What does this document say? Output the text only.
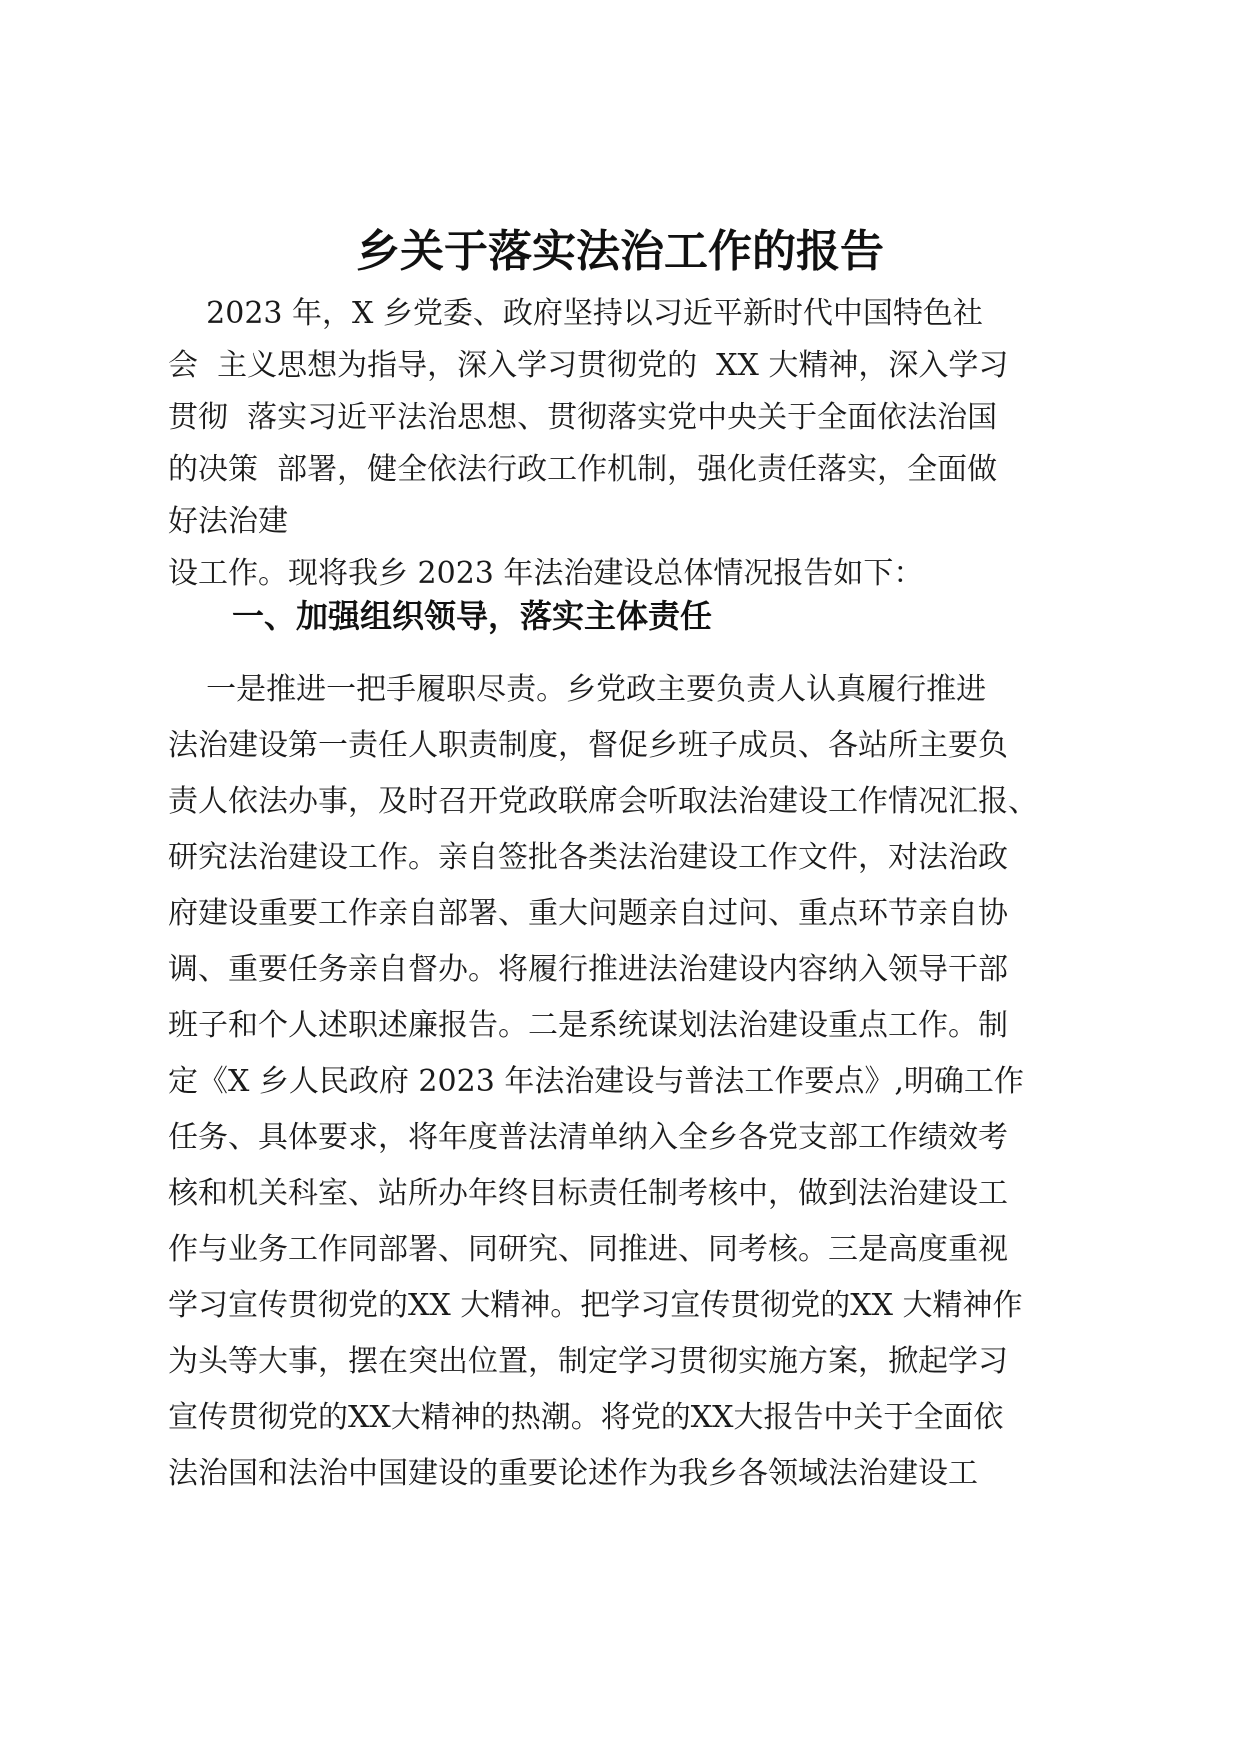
乡关于落实法治工作的报告

2023 年，X 乡党委、政府坚持以习近平新时代中国特色社

会  主义思想为指导，深入学习贯彻党的  XX 大精神，深入学习

贯彻  落实习近平法治思想、贯彻落实党中央关于全面依法治国

的决策  部署，健全依法行政工作机制，强化责任落实，全面做

好法治建

设工作。现将我乡 2023 年法治建设总体情况报告如下：

一、加强组织领导，落实主体责任

一是推进一把手履职尽责。乡党政主要负责人认真履行推进

法治建设第一责任人职责制度，督促乡班子成员、各站所主要负

责人依法办事，及时召开党政联席会听取法治建设工作情况汇报、

研究法治建设工作。亲自签批各类法治建设工作文件，对法治政

府建设重要工作亲自部署、重大问题亲自过问、重点环节亲自协

调、重要任务亲自督办。将履行推进法治建设内容纳入领导干部

班子和个人述职述廉报告。二是系统谋划法治建设重点工作。制

定《X 乡人民政府 2023 年法治建设与普法工作要点》,明确工作

任务、具体要求，将年度普法清单纳入全乡各党支部工作绩效考

核和机关科室、站所办年终目标责任制考核中，做到法治建设工

作与业务工作同部署、同研究、同推进、同考核。三是高度重视

学习宣传贯彻党的XX 大精神。把学习宣传贯彻党的XX 大精神作

为头等大事，摆在突出位置，制定学习贯彻实施方案，掀起学习

宣传贯彻党的XX大精神的热潮。将党的XX大报告中关于全面依

法治国和法治中国建设的重要论述作为我乡各领域法治建设工
